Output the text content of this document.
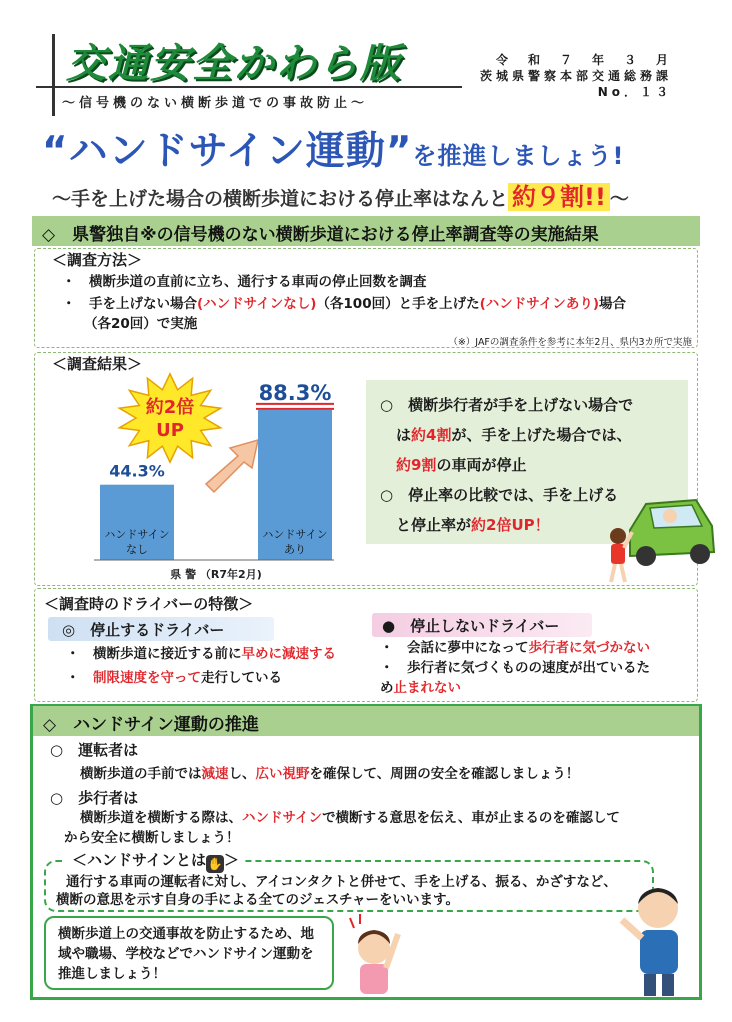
交通安全かわら版
～信号機のない横断歩道での事故防止～
令　和　７　年　３　月
茨城県警察本部交通総務課
No．１３
“ハンドサイン運動”を推進しましょう!
～手を上げた場合の横断歩道における停止率はなんと 約９割!! ～
◇　県警独自※の信号機のない横断歩道における停止率調査等の実施結果
＜調査方法＞
・　横断歩道の直前に立ち、通行する車両の停止回数を調査
・　手を上げない場合(ハンドサインなし)（各100回）と手を上げた(ハンドサインあり)場合
（各20回）で実施
（※）JAFの調査条件を参考に本年2月、県内3カ所で実施
＜調査結果＞
44.3%
ハンドサイン
なし
88.3%
ハンドサイン
あり
約2倍
UP
県 警 （R7年2月)
○　横断歩行者が手を上げない場合で
は約4割が、手を上げた場合では、
約9割の車両が停止
○　停止率の比較では、手を上げる
と停止率が約2倍UP！
＜調査時のドライバーの特徴＞
◎　停止するドライバー	●　停止しないドライバー
・　横断歩道に接近する前に早めに減速する
・　制限速度を守って走行している
・　会話に夢中になって歩行者に気づかない
・　歩行者に気づくものの速度が出ているた
め止まれない
◇　ハンドサイン運動の推進
○　運転者は
横断歩道の手前では減速し、広い視野を確保して、周囲の安全を確認しましょう！
○　歩行者は
横断歩道を横断する際は、ハンドサインで横断する意思を伝え、車が止まるのを確認して
から安全に横断しましょう！
＜ハンドサインとは ✋ ＞
通行する車両の運転者に対し、アイコンタクトと併せて、手を上げる、振る、かざすなど、
横断の意思を示す自身の手による全てのジェスチャーをいいます。
横断歩道上の交通事故を防止するため、地域や職場、学校などでハンドサイン運動を推進しましょう！
